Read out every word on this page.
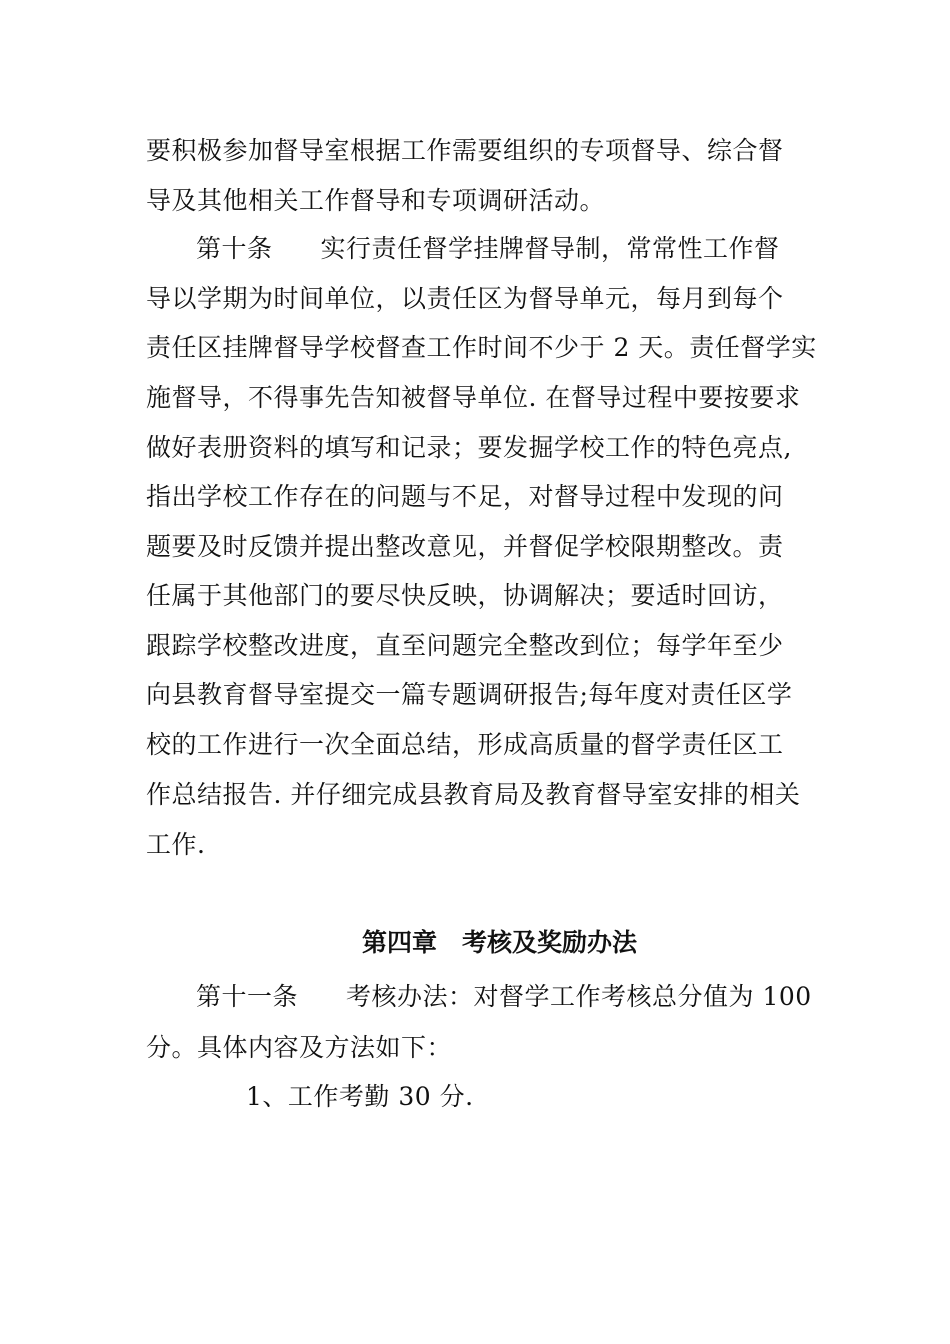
要积极参加督导室根据工作需要组织的专项督导、综合督
导及其他相关工作督导和专项调研活动。
第十条 实行责任督学挂牌督导制，常常性工作督
导以学期为时间单位，以责任区为督导单元，每月到每个
责任区挂牌督导学校督查工作时间不少于 2 天。责任督学实
施督导，不得事先告知被督导单位. 在督导过程中要按要求
做好表册资料的填写和记录；要发掘学校工作的特色亮点,
指出学校工作存在的问题与不足，对督导过程中发现的问
题要及时反馈并提出整改意见，并督促学校限期整改。责
任属于其他部门的要尽快反映，协调解决；要适时回访，
跟踪学校整改进度，直至问题完全整改到位；每学年至少
向县教育督导室提交一篇专题调研报告;每年度对责任区学
校的工作进行一次全面总结，形成高质量的督学责任区工
作总结报告. 并仔细完成县教育局及教育督导室安排的相关
工作.
第四章　考核及奖励办法
第十一条 考核办法：对督学工作考核总分值为 100
分。具体内容及方法如下：
1、工作考勤 30 分.
